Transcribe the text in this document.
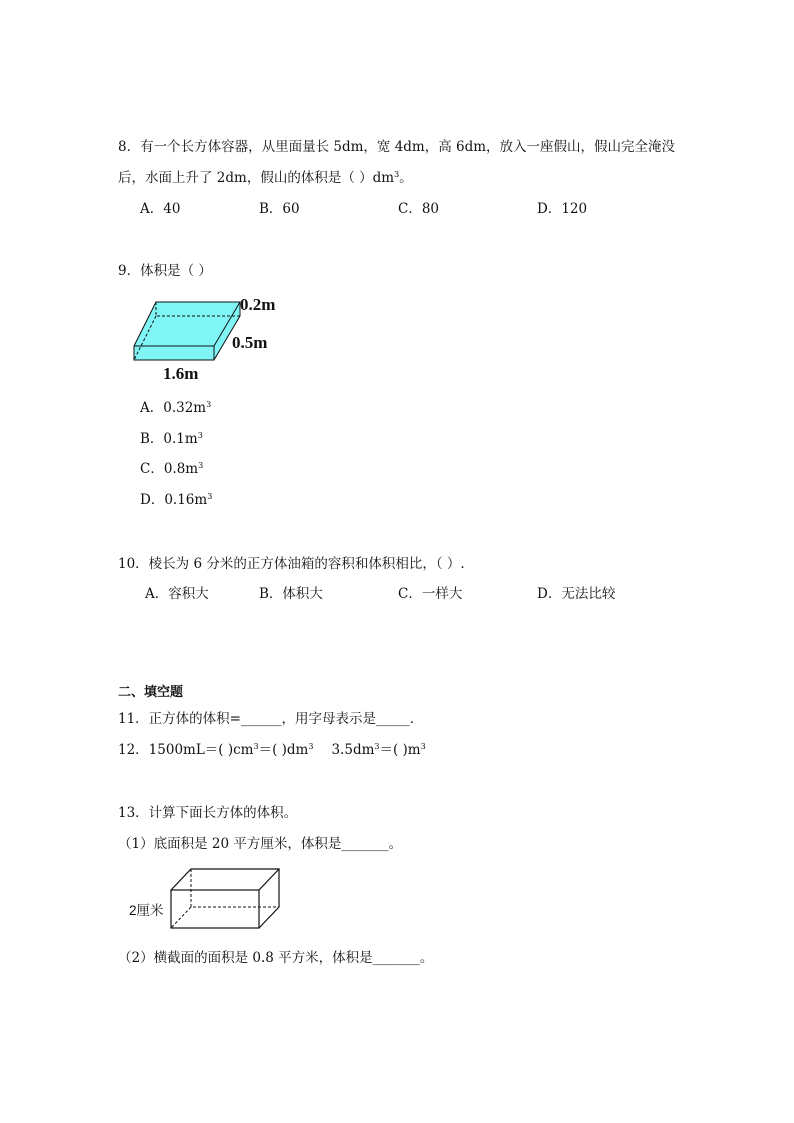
8．有一个长方体容器，从里面量长 5dm，宽 4dm，高 6dm，放入一座假山，假山完全淹没
后，水面上升了 2dm，假山的体积是（ ）$dm^3$。
A．40	B．60	C．80	D．120
9．体积是（ ）
0.2m
0.5m
1.6m
A．$0.32m^3$
B．$0.1m^3$
C．$0.8m^3$
D．$0.16m^3$
10．棱长为 6 分米的正方体油箱的容积和体积相比，（ ）.
A．容积大	B．体积大	C．一样大	D．无法比较
二、填空题
11．正方体的体积=______，用字母表示是_____．
12．1500mL＝( )$cm^3=$( )$dm^3$ $3.5dm^3=$( )$m^3$
13．计算下面长方体的体积。
（1）底面积是 20 平方厘米，体积是_______。
2厘米
（2）横截面的面积是 0.8 平方米，体积是_______。
